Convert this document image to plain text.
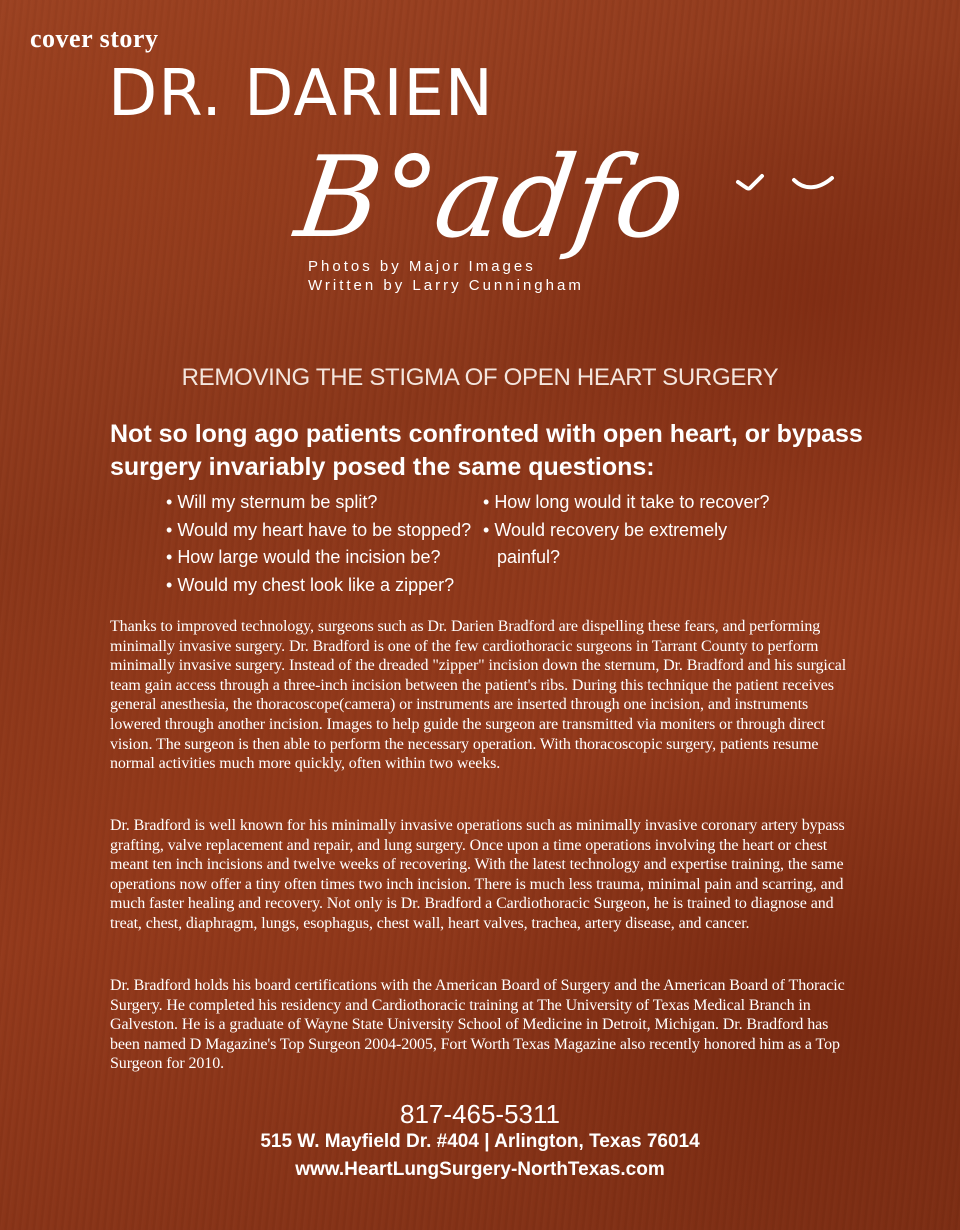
cover story
DR. DARIEN
B°adfo
Photos by Major Images
Written by Larry Cunningham
REMOVING THE STIGMA OF OPEN HEART SURGERY
Not so long ago patients confronted with open heart, or bypass surgery invariably posed the same questions:
• Will my sternum be split?
• Would my heart have to be stopped?
• How large would the incision be?
• Would my chest look like a zipper?
• How long would it take to recover?
• Would recovery be extremely painful?

Thanks to improved technology, surgeons such as Dr. Darien Bradford are dispelling these fears, and performing minimally invasive surgery. Dr. Bradford is one of the few cardiothoracic surgeons in Tarrant County to perform minimally invasive surgery. Instead of the dreaded "zipper" incision down the sternum, Dr. Bradford and his surgical team gain access through a three-inch incision between the patient's ribs. During this technique the patient receives general anesthesia, the thoracoscope(camera) or instruments are inserted through one incision, and instruments lowered through another incision. Images to help guide the surgeon are transmitted via moniters or through direct vision. The surgeon is then able to perform the necessary operation. With thoracoscopic surgery, patients resume normal activities much more quickly, often within two weeks.

Dr. Bradford is well known for his minimally invasive operations such as minimally invasive coronary artery bypass grafting, valve replacement and repair, and lung surgery. Once upon a time operations involving the heart or chest meant ten inch incisions and twelve weeks of recovering. With the latest technology and expertise training, the same operations now offer a tiny often times two inch incision. There is much less trauma, minimal pain and scarring, and much faster healing and recovery. Not only is Dr. Bradford a Cardiothoracic Surgeon, he is trained to diagnose and treat, chest, diaphragm, lungs, esophagus, chest wall, heart valves, trachea, artery disease, and cancer.

Dr. Bradford holds his board certifications with the American Board of Surgery and the American Board of Thoracic Surgery. He completed his residency and Cardiothoracic training at The University of Texas Medical Branch in Galveston. He is a graduate of Wayne State University School of Medicine in Detroit, Michigan. Dr. Bradford has been named D Magazine's Top Surgeon 2004-2005, Fort Worth Texas Magazine also recently honored him as a Top Surgeon for 2010.

817-465-5311
515 W. Mayfield Dr. #404 | Arlington, Texas 76014
www.HeartLungSurgery-NorthTexas.com
